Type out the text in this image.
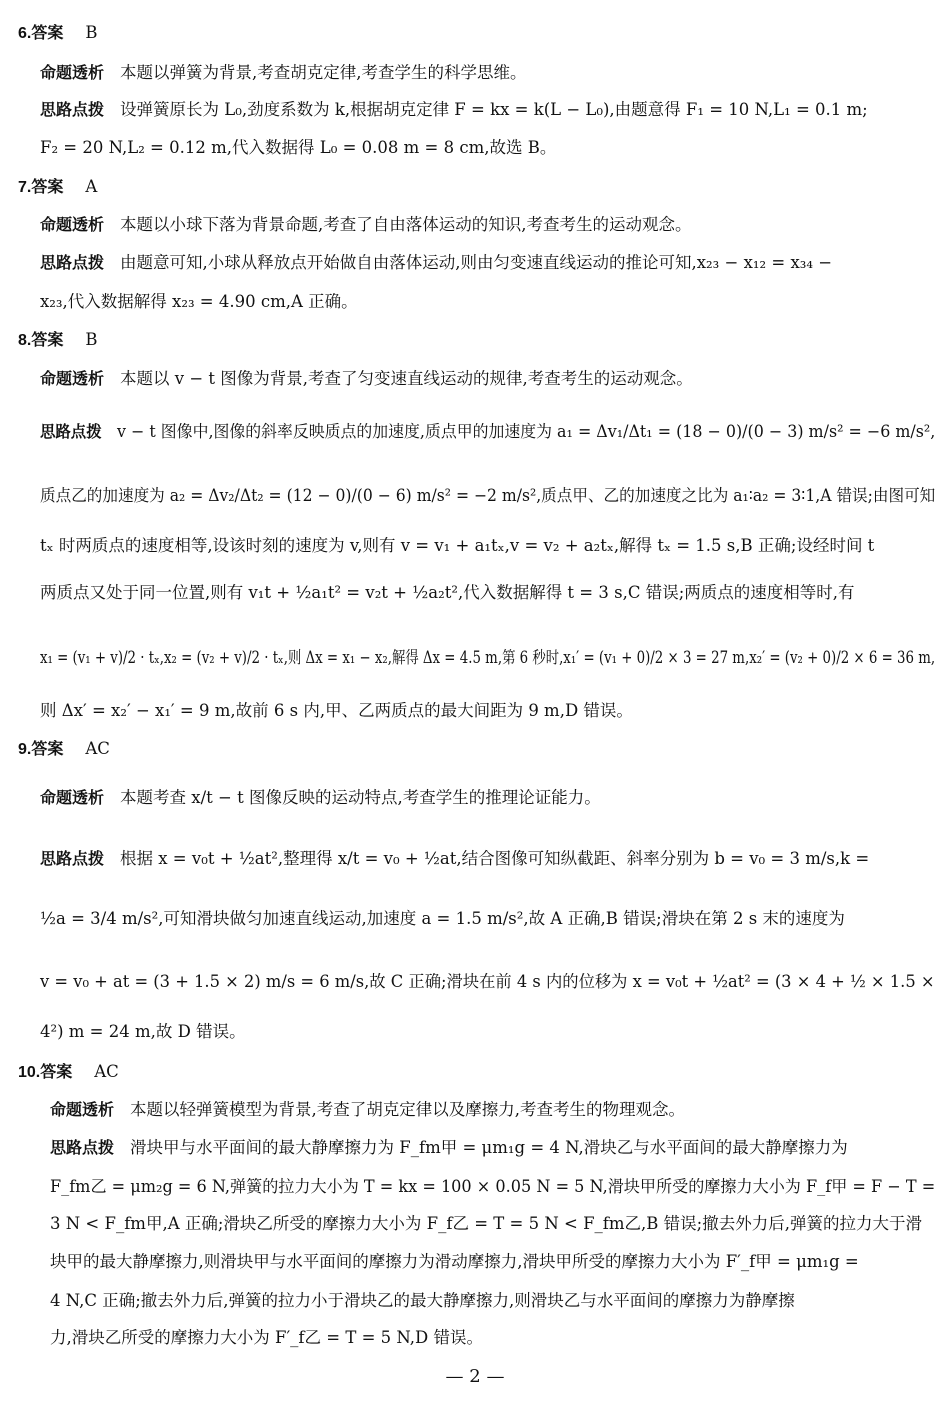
6.答案 B
命题透析 本题以弹簧为背景,考查胡克定律,考查学生的科学思维。
思路点拨 设弹簧原长为 L₀,劲度系数为 k,根据胡克定律 F = kx = k(L − L₀),由题意得 F₁ = 10 N,L₁ = 0.1 m;
F₂ = 20 N,L₂ = 0.12 m,代入数据得 L₀ = 0.08 m = 8 cm,故选 B。
7.答案 A
命题透析 本题以小球下落为背景命题,考查了自由落体运动的知识,考查考生的运动观念。
思路点拨 由题意可知,小球从释放点开始做自由落体运动,则由匀变速直线运动的推论可知,x₂₃ − x₁₂ = x₃₄ −
x₂₃,代入数据解得 x₂₃ = 4.90 cm,A 正确。
8.答案 B
命题透析 本题以 v − t 图像为背景,考查了匀变速直线运动的规律,考查考生的运动观念。
思路点拨 v − t 图像中,图像的斜率反映质点的加速度,质点甲的加速度为 a₁ = Δv₁/Δt₁ = (18 − 0)/(0 − 3) m/s² = −6 m/s²,
质点乙的加速度为 a₂ = Δv₂/Δt₂ = (12 − 0)/(0 − 6) m/s² = −2 m/s²,质点甲、乙的加速度之比为 a₁∶a₂ = 3∶1,A 错误;由图可知
tₓ 时两质点的速度相等,设该时刻的速度为 v,则有 v = v₁ + a₁tₓ,v = v₂ + a₂tₓ,解得 tₓ = 1.5 s,B 正确;设经时间 t
两质点又处于同一位置,则有 v₁t + ½a₁t² = v₂t + ½a₂t²,代入数据解得 t = 3 s,C 错误;两质点的速度相等时,有
x₁ = (v₁ + v)/2 · tₓ,x₂ = (v₂ + v)/2 · tₓ,则 Δx = x₁ − x₂,解得 Δx = 4.5 m,第 6 秒时,x₁′ = (v₁ + 0)/2 × 3 = 27 m,x₂′ = (v₂ + 0)/2 × 6 = 36 m,
则 Δx′ = x₂′ − x₁′ = 9 m,故前 6 s 内,甲、乙两质点的最大间距为 9 m,D 错误。
9.答案 AC
命题透析 本题考查 x/t − t 图像反映的运动特点,考查学生的推理论证能力。
思路点拨 根据 x = v₀t + ½at²,整理得 x/t = v₀ + ½at,结合图像可知纵截距、斜率分别为 b = v₀ = 3 m/s,k =
½a = 3/4 m/s²,可知滑块做匀加速直线运动,加速度 a = 1.5 m/s²,故 A 正确,B 错误;滑块在第 2 s 末的速度为
v = v₀ + at = (3 + 1.5 × 2) m/s = 6 m/s,故 C 正确;滑块在前 4 s 内的位移为 x = v₀t + ½at² = (3 × 4 + ½ × 1.5 ×
4²) m = 24 m,故 D 错误。
10.答案 AC
命题透析 本题以轻弹簧模型为背景,考查了胡克定律以及摩擦力,考查考生的物理观念。
思路点拨 滑块甲与水平面间的最大静摩擦力为 F_fm甲 = μm₁g = 4 N,滑块乙与水平面间的最大静摩擦力为
F_fm乙 = μm₂g = 6 N,弹簧的拉力大小为 T = kx = 100 × 0.05 N = 5 N,滑块甲所受的摩擦力大小为 F_f甲 = F − T =
3 N < F_fm甲,A 正确;滑块乙所受的摩擦力大小为 F_f乙 = T = 5 N < F_fm乙,B 错误;撤去外力后,弹簧的拉力大于滑
块甲的最大静摩擦力,则滑块甲与水平面间的摩擦力为滑动摩擦力,滑块甲所受的摩擦力大小为 F′_f甲 = μm₁g =
4 N,C 正确;撤去外力后,弹簧的拉力小于滑块乙的最大静摩擦力,则滑块乙与水平面间的摩擦力为静摩擦
力,滑块乙所受的摩擦力大小为 F′_f乙 = T = 5 N,D 错误。
— 2 —
